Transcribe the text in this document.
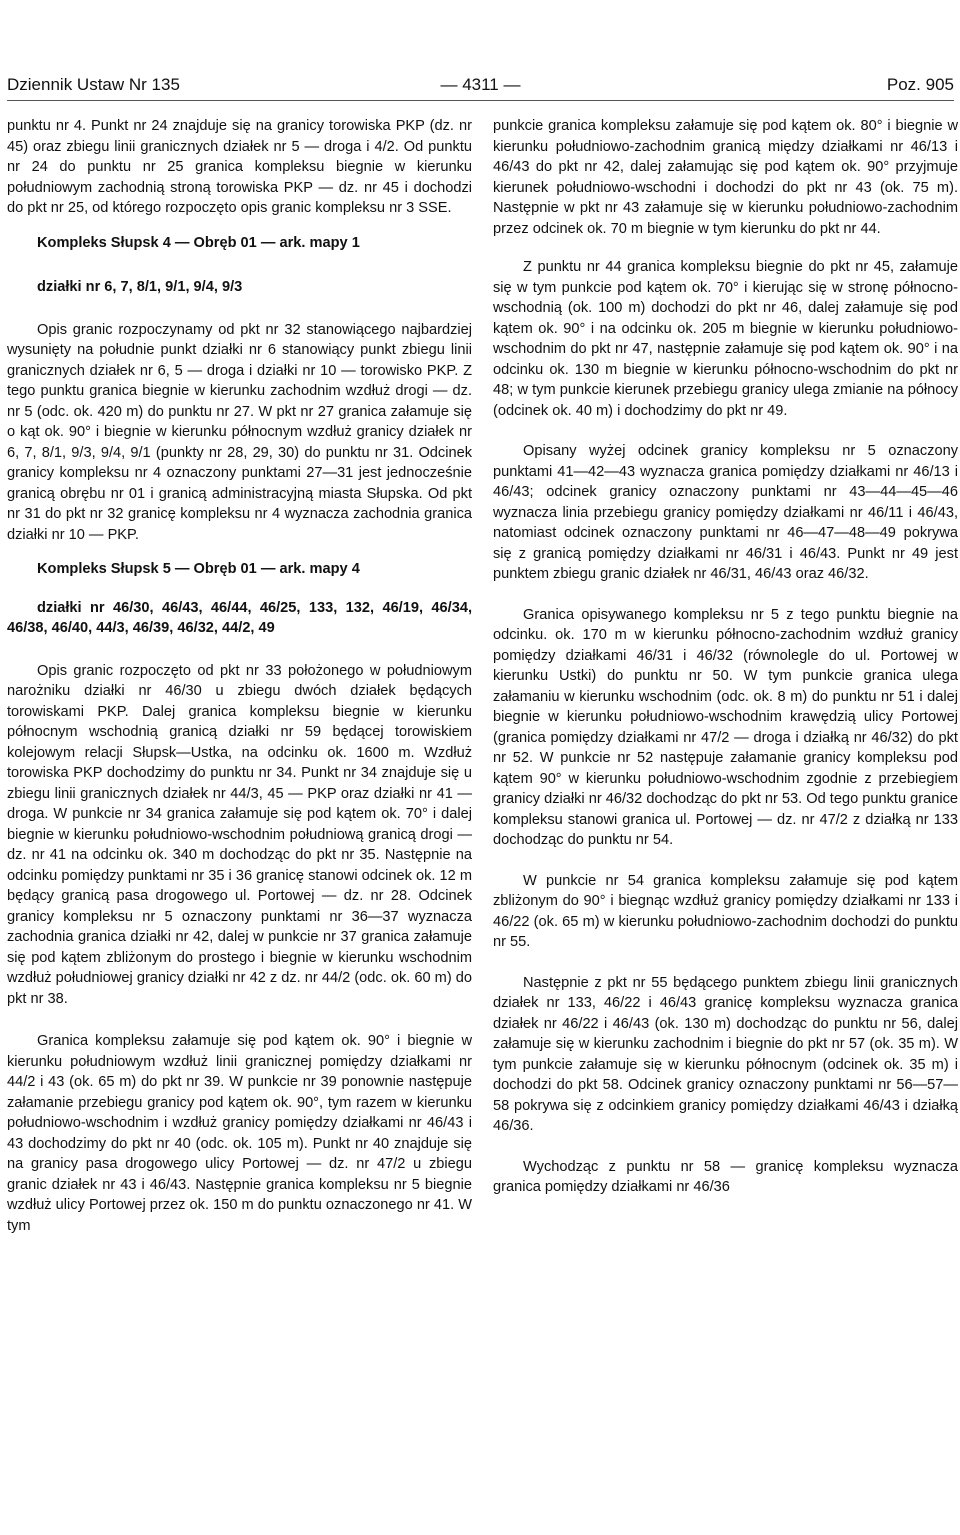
Dziennik Ustaw Nr 135	— 4311 —	Poz. 905

punktu nr 4. Punkt nr 24 znajduje się na granicy torowiska PKP (dz. nr 45) oraz zbiegu linii granicznych działek nr 5 — droga i 4/2. Od punktu nr 24 do punktu nr 25 granica kompleksu biegnie w kierunku południowym zachodnią stroną torowiska PKP — dz. nr 45 i dochodzi do pkt nr 25, od którego rozpoczęto opis granic kompleksu nr 3 SSE.

Kompleks Słupsk 4 — Obręb 01 — ark. mapy 1
działki nr 6, 7, 8/1, 9/1, 9/4, 9/3

Opis granic rozpoczynamy od pkt nr 32 stanowiącego najbardziej wysunięty na południe punkt działki nr 6 stanowiący punkt zbiegu linii granicznych działek nr 6, 5 — droga i działki nr 10 — torowisko PKP. Z tego punktu granica biegnie w kierunku zachodnim wzdłuż drogi — dz. nr 5 (odc. ok. 420 m) do punktu nr 27. W pkt nr 27 granica załamuje się o kąt ok. 90° i biegnie w kierunku północnym wzdłuż granicy działek nr 6, 7, 8/1, 9/3, 9/4, 9/1 (punkty nr 28, 29, 30) do punktu nr 31. Odcinek granicy kompleksu nr 4 oznaczony punktami 27—31 jest jednocześnie granicą obrębu nr 01 i granicą administracyjną miasta Słupska. Od pkt nr 31 do pkt nr 32 granicę kompleksu nr 4 wyznacza zachodnia granica działki nr 10 — PKP.

Kompleks Słupsk 5 — Obręb 01 — ark. mapy 4
działki nr 46/30, 46/43, 46/44, 46/25, 133, 132, 46/19, 46/34, 46/38, 46/40, 44/3, 46/39, 46/32, 44/2, 49

Opis granic rozpoczęto od pkt nr 33 położonego w południowym narożniku działki nr 46/30 u zbiegu dwóch działek będących torowiskami PKP. Dalej granica kompleksu biegnie w kierunku północnym wschodnią granicą działki nr 59 będącej torowiskiem kolejowym relacji Słupsk—Ustka, na odcinku ok. 1600 m. Wzdłuż torowiska PKP dochodzimy do punktu nr 34. Punkt nr 34 znajduje się u zbiegu linii granicznych działek nr 44/3, 45 — PKP oraz działki nr 41 — droga. W punkcie nr 34 granica załamuje się pod kątem ok. 70° i dalej biegnie w kierunku południowo-wschodnim południową granicą drogi — dz. nr 41 na odcinku ok. 340 m dochodząc do pkt nr 35. Następnie na odcinku pomiędzy punktami nr 35 i 36 granicę stanowi odcinek ok. 12 m będący granicą pasa drogowego ul. Portowej — dz. nr 28. Odcinek granicy kompleksu nr 5 oznaczony punktami nr 36—37 wyznacza zachodnia granica działki nr 42, dalej w punkcie nr 37 granica załamuje się pod kątem zbliżonym do prostego i biegnie w kierunku wschodnim wzdłuż południowej granicy działki nr 42 z dz. nr 44/2 (odc. ok. 60 m) do pkt nr 38.

Granica kompleksu załamuje się pod kątem ok. 90° i biegnie w kierunku południowym wzdłuż linii granicznej pomiędzy działkami nr 44/2 i 43 (ok. 65 m) do pkt nr 39. W punkcie nr 39 ponownie następuje załamanie przebiegu granicy pod kątem ok. 90°, tym razem w kierunku południowo-wschodnim i wzdłuż granicy pomiędzy działkami nr 46/43 i 43 dochodzimy do pkt nr 40 (odc. ok. 105 m). Punkt nr 40 znajduje się na granicy pasa drogowego ulicy Portowej — dz. nr 47/2 u zbiegu granic działek nr 43 i 46/43. Następnie granica kompleksu nr 5 biegnie wzdłuż ulicy Portowej przez ok. 150 m do punktu oznaczonego nr 41. W tym

punkcie granica kompleksu załamuje się pod kątem ok. 80° i biegnie w kierunku południowo-zachodnim granicą między działkami nr 46/13 i 46/43 do pkt nr 42, dalej załamując się pod kątem ok. 90° przyjmuje kierunek południowo-wschodni i dochodzi do pkt nr 43 (ok. 75 m). Następnie w pkt nr 43 załamuje się w kierunku południowo-zachodnim przez odcinek ok. 70 m biegnie w tym kierunku do pkt nr 44.

Z punktu nr 44 granica kompleksu biegnie do pkt nr 45, załamuje się w tym punkcie pod kątem ok. 70° i kierując się w stronę północno-wschodnią (ok. 100 m) dochodzi do pkt nr 46, dalej załamuje się pod kątem ok. 90° i na odcinku ok. 205 m biegnie w kierunku południowo-wschodnim do pkt nr 47, następnie załamuje się pod kątem ok. 90° i na odcinku ok. 130 m biegnie w kierunku północno-wschodnim do pkt nr 48; w tym punkcie kierunek przebiegu granicy ulega zmianie na północy (odcinek ok. 40 m) i dochodzimy do pkt nr 49.

Opisany wyżej odcinek granicy kompleksu nr 5 oznaczony punktami 41—42—43 wyznacza granica pomiędzy działkami nr 46/13 i 46/43; odcinek granicy oznaczony punktami nr 43—44—45—46 wyznacza linia przebiegu granicy pomiędzy działkami nr 46/11 i 46/43, natomiast odcinek oznaczony punktami nr 46—47—48—49 pokrywa się z granicą pomiędzy działkami nr 46/31 i 46/43. Punkt nr 49 jest punktem zbiegu granic działek nr 46/31, 46/43 oraz 46/32.

Granica opisywanego kompleksu nr 5 z tego punktu biegnie na odcinku. ok. 170 m w kierunku północno-zachodnim wzdłuż granicy pomiędzy działkami 46/31 i 46/32 (równolegle do ul. Portowej w kierunku Ustki) do punktu nr 50. W tym punkcie granica ulega załamaniu w kierunku wschodnim (odc. ok. 8 m) do punktu nr 51 i dalej biegnie w kierunku południowo-wschodnim krawędzią ulicy Portowej (granica pomiędzy działkami nr 47/2 — droga i działką nr 46/32) do pkt nr 52. W punkcie nr 52 następuje załamanie granicy kompleksu pod kątem 90° w kierunku południowo-wschodnim zgodnie z przebiegiem granicy działki nr 46/32 dochodząc do pkt nr 53. Od tego punktu granice kompleksu stanowi granica ul. Portowej — dz. nr 47/2 z działką nr 133 dochodząc do punktu nr 54.

W punkcie nr 54 granica kompleksu załamuje się pod kątem zbliżonym do 90° i biegnąc wzdłuż granicy pomiędzy działkami nr 133 i 46/22 (ok. 65 m) w kierunku południowo-zachodnim dochodzi do punktu nr 55.

Następnie z pkt nr 55 będącego punktem zbiegu linii granicznych działek nr 133, 46/22 i 46/43 granicę kompleksu wyznacza granica działek nr 46/22 i 46/43 (ok. 130 m) dochodząc do punktu nr 56, dalej załamuje się w kierunku zachodnim i biegnie do pkt nr 57 (ok. 35 m). W tym punkcie załamuje się w kierunku północnym (odcinek ok. 35 m) i dochodzi do pkt 58. Odcinek granicy oznaczony punktami nr 56—57—58 pokrywa się z odcinkiem granicy pomiędzy działkami 46/43 i działką 46/36.

Wychodząc z punktu nr 58 — granicę kompleksu wyznacza granica pomiędzy działkami nr 46/36
